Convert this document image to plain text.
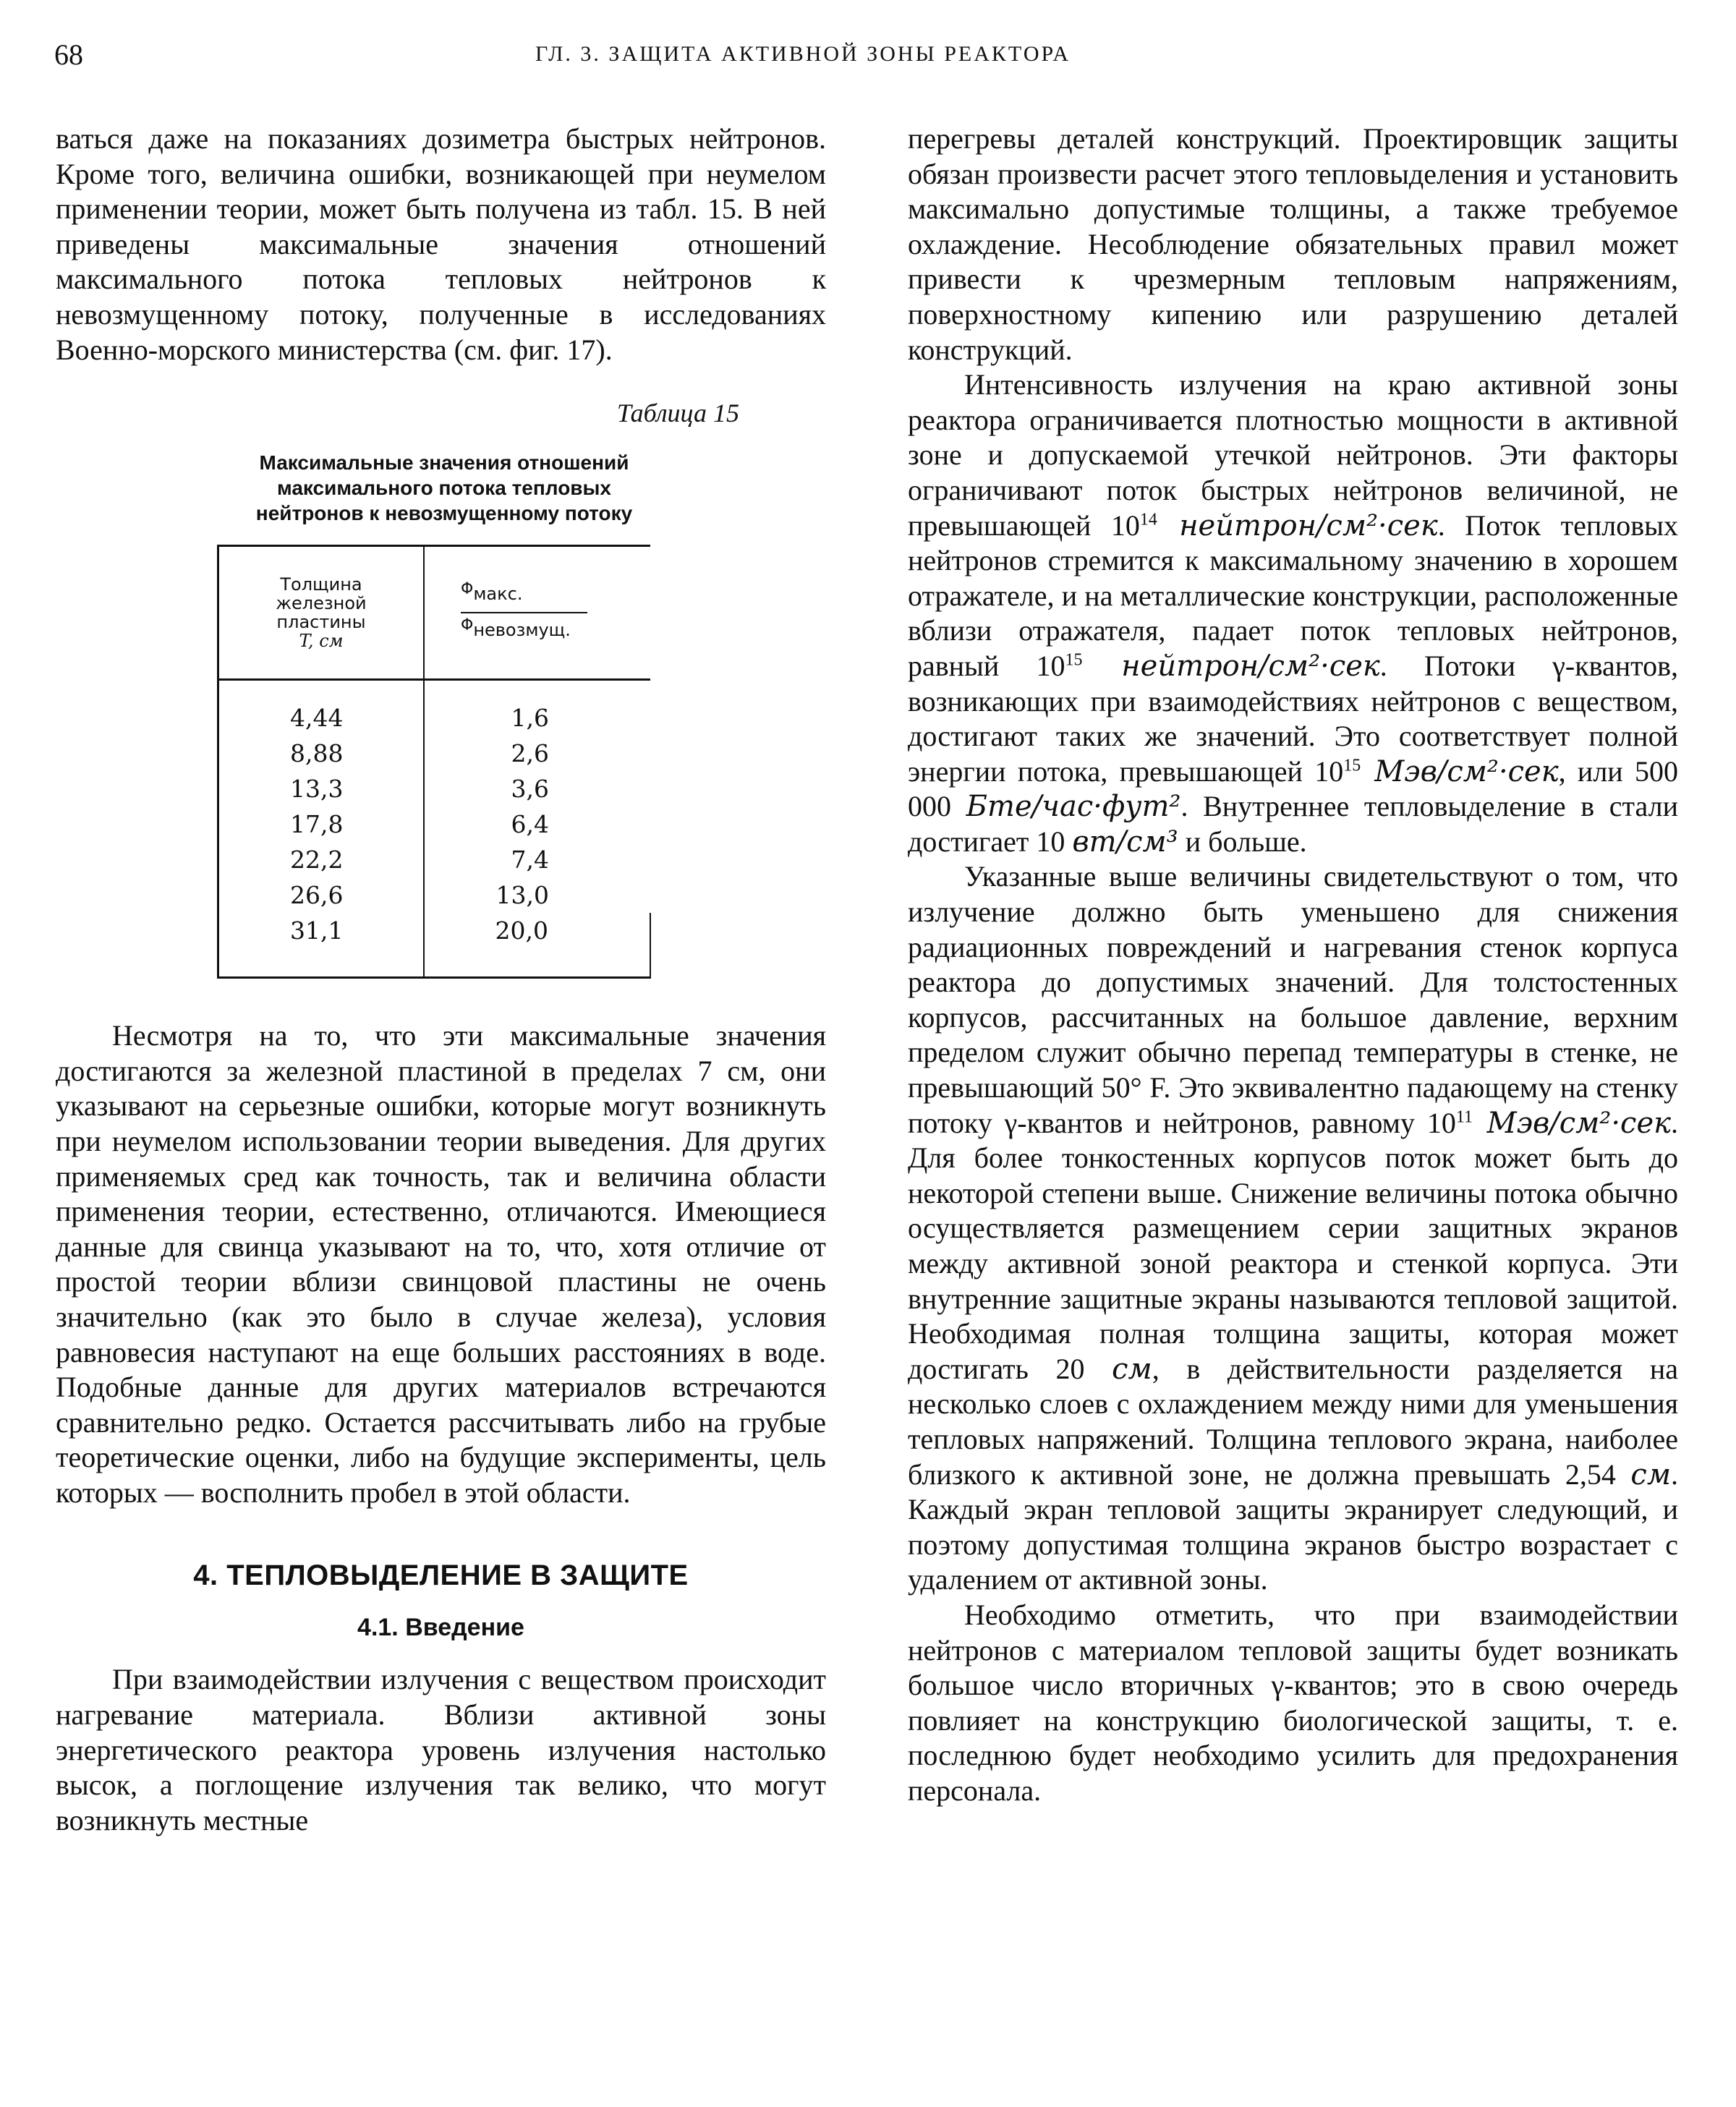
68	ГЛ. 3. ЗАЩИТА АКТИВНОЙ ЗОНЫ РЕАКТОРА

ваться даже на показаниях дозиметра быстрых нейтронов. Кроме того, величина ошибки, возникающей при неумелом применении теории, может быть получена из табл. 15. В ней приведены максимальные значения отношений максимального потока тепловых нейтронов к невозмущенному потоку, полученные в исследованиях Военно-морского министерства (см. фиг. 17).

Таблица 15
Максимальные значения отношений максимального потока тепловых нейтронов к невозмущенному потоку
Толщина
железной
пластины
T, см

Φмакс.
Φневозмущ.

4,44	1,6
8,88	2,6
13,3	3,6
17,8	6,4
22,2	7,4
26,6	13,0
31,1	20,0

Несмотря на то, что эти максимальные значения достигаются за железной пластиной в пределах 7 см, они указывают на серьезные ошибки, которые могут возникнуть при неумелом использовании теории выведения. Для других применяемых сред как точность, так и величина области применения теории, естественно, отличаются. Имеющиеся данные для свинца указывают на то, что, хотя отличие от простой теории вблизи свинцовой пластины не очень значительно (как это было в случае железа), условия равновесия наступают на еще больших расстояниях в воде. Подобные данные для других материалов встречаются сравнительно редко. Остается рассчитывать либо на грубые теоретические оценки, либо на будущие эксперименты, цель которых — восполнить пробел в этой области.

4. ТЕПЛОВЫДЕЛЕНИЕ В ЗАЩИТЕ
4.1. Введение

При взаимодействии излучения с веществом происходит нагревание материала. Вблизи активной зоны энергетического реактора уровень излучения настолько высок, а поглощение излучения так велико, что могут возникнуть местные

перегревы деталей конструкций. Проектировщик защиты обязан произвести расчет этого тепловыделения и установить максимально допустимые толщины, а также требуемое охлаждение. Несоблюдение обязательных правил может привести к чрезмерным тепловым напряжениям, поверхностному кипению или разрушению деталей конструкций.

Интенсивность излучения на краю активной зоны реактора ограничивается плотностью мощности в активной зоне и допускаемой утечкой нейтронов. Эти факторы ограничивают поток быстрых нейтронов величиной, не превышающей $10^{14}$ нейтрон/см²·сек. Поток тепловых нейтронов стремится к максимальному значению в хорошем отражателе, и на металлические конструкции, расположенные вблизи отражателя, падает поток тепловых нейтронов, равный $10^{15}$ нейтрон/см²·сек. Потоки γ-квантов, возникающих при взаимодействиях нейтронов с веществом, достигают таких же значений. Это соответствует полной энергии потока, превышающей $10^{15}$ Мэв/см²·сек, или 500 000 Бте/час·фут². Внутреннее тепловыделение в стали достигает 10 вт/см³ и больше.

Указанные выше величины свидетельствуют о том, что излучение должно быть уменьшено для снижения радиационных повреждений и нагревания стенок корпуса реактора до допустимых значений. Для толстостенных корпусов, рассчитанных на большое давление, верхним пределом служит обычно перепад температуры в стенке, не превышающий 50° F. Это эквивалентно падающему на стенку потоку γ-квантов и нейтронов, равному $10^{11}$ Мэв/см²·сек. Для более тонкостенных корпусов поток может быть до некоторой степени выше. Снижение величины потока обычно осуществляется размещением серии защитных экранов между активной зоной реактора и стенкой корпуса. Эти внутренние защитные экраны называются тепловой защитой. Необходимая полная толщина защиты, которая может достигать 20 см, в действительности разделяется на несколько слоев с охлаждением между ними для уменьшения тепловых напряжений. Толщина теплового экрана, наиболее близкого к активной зоне, не должна превышать 2,54 см. Каждый экран тепловой защиты экранирует следующий, и поэтому допустимая толщина экранов быстро возрастает с удалением от активной зоны.

Необходимо отметить, что при взаимодействии нейтронов с материалом тепловой защиты будет возникать большое число вторичных γ-квантов; это в свою очередь повлияет на конструкцию биологической защиты, т. е. последнюю будет необходимо усилить для предохранения персонала.
